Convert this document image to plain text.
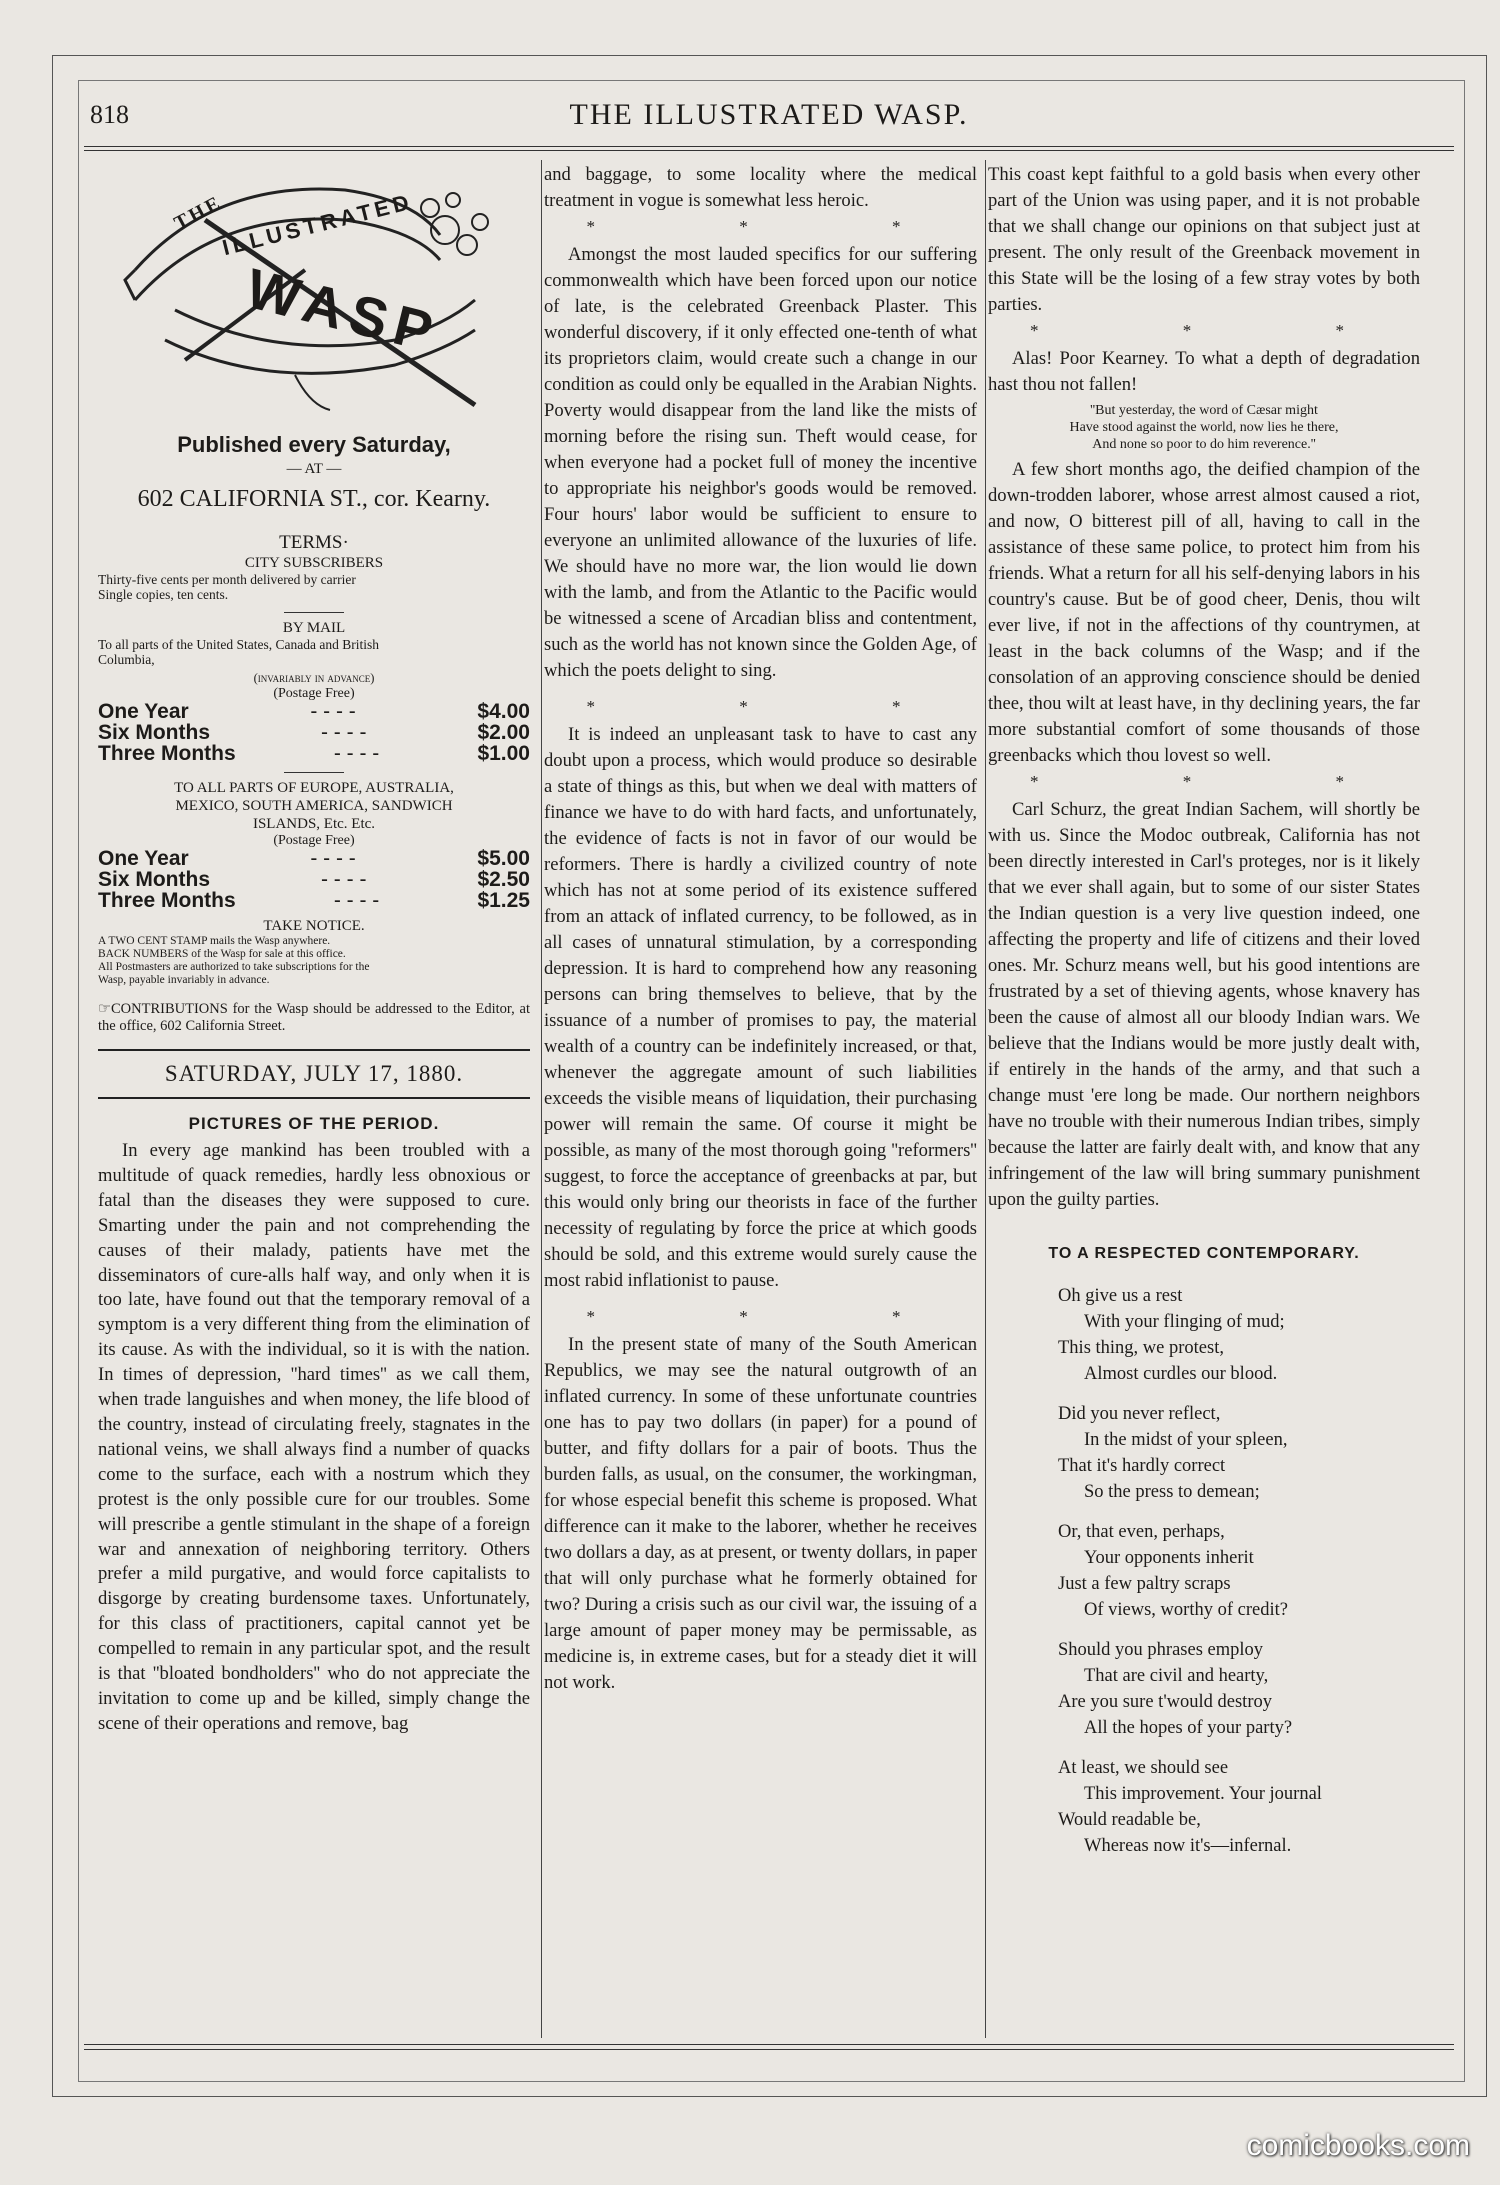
818	THE ILLUSTRATED WASP.
THE
ILLUSTRATED
WASP
Published every Saturday,
— AT —
602 CALIFORNIA ST., cor. Kearny.
TERMS·
CITY SUBSCRIBERS
Thirty-five cents per month delivered by carrier
Single copies, ten cents.
BY MAIL
To all parts of the United States, Canada and British
Columbia,
(invariably in advance)
(Postage Free)
One Year	- - - -	$4.00
Six Months	- - - -	$2.00
Three Months	- - - -	$1.00
TO ALL PARTS OF EUROPE, AUSTRALIA,
MEXICO, SOUTH AMERICA, SANDWICH
ISLANDS, Etc. Etc.
(Postage Free)
One Year	- - - -	$5.00
Six Months	- - - -	$2.50
Three Months	- - - -	$1.25
TAKE NOTICE.
A TWO CENT STAMP mails the Wasp anywhere.
BACK NUMBERS of the Wasp for sale at this office.
All Postmasters are authorized to take subscriptions for the
Wasp, payable invariably in advance.
☞CONTRIBUTIONS for the Wasp should be addressed to the Editor, at the office, 602 California Street.
SATURDAY, JULY 17, 1880.
PICTURES OF THE PERIOD.

In every age mankind has been troubled with a multitude of quack remedies, hardly less obnoxious or fatal than the diseases they were supposed to cure. Smarting under the pain and not comprehending the causes of their malady, patients have met the disseminators of cure-alls half way, and only when it is too late, have found out that the temporary removal of a symptom is a very different thing from the elimination of its cause. As with the individual, so it is with the nation. In times of depression, ''hard times'' as we call them, when trade languishes and when money, the life blood of the country, instead of circulating freely, stagnates in the national veins, we shall always find a number of quacks come to the surface, each with a nostrum which they protest is the only possible cure for our troubles. Some will prescribe a gentle stimulant in the shape of a foreign war and annexation of neighboring territory. Others prefer a mild purgative, and would force capitalists to disgorge by creating burdensome taxes. Unfortunately, for this class of practitioners, capital cannot yet be compelled to remain in any particular spot, and the result is that ''bloated bondholders'' who do not appreciate the invitation to come up and be killed, simply change the scene of their operations and remove, bag

and baggage, to some locality where the medical treatment in vogue is somewhat less heroic.

* * *

Amongst the most lauded specifics for our suffering commonwealth which have been forced upon our notice of late, is the celebrated Greenback Plaster. This wonderful discovery, if it only effected one-tenth of what its proprietors claim, would create such a change in our condition as could only be equalled in the Arabian Nights. Poverty would disappear from the land like the mists of morning before the rising sun. Theft would cease, for when everyone had a pocket full of money the incentive to appropriate his neighbor's goods would be removed. Four hours' labor would be sufficient to ensure to everyone an unlimited allowance of the luxuries of life. We should have no more war, the lion would lie down with the lamb, and from the Atlantic to the Pacific would be witnessed a scene of Arcadian bliss and contentment, such as the world has not known since the Golden Age, of which the poets delight to sing.

* * *

It is indeed an unpleasant task to have to cast any doubt upon a process, which would produce so desirable a state of things as this, but when we deal with matters of finance we have to do with hard facts, and unfortunately, the evidence of facts is not in favor of our would be reformers. There is hardly a civilized country of note which has not at some period of its existence suffered from an attack of inflated currency, to be followed, as in all cases of unnatural stimulation, by a corresponding depression. It is hard to comprehend how any reasoning persons can bring themselves to believe, that by the issuance of a number of promises to pay, the material wealth of a country can be indefinitely increased, or that, whenever the aggregate amount of such liabilities exceeds the visible means of liquidation, their purchasing power will remain the same. Of course it might be possible, as many of the most thorough going ''reformers'' suggest, to force the acceptance of greenbacks at par, but this would only bring our theorists in face of the further necessity of regulating by force the price at which goods should be sold, and this extreme would surely cause the most rabid inflationist to pause.

* * *

In the present state of many of the South American Republics, we may see the natural outgrowth of an inflated currency. In some of these unfortunate countries one has to pay two dollars (in paper) for a pound of butter, and fifty dollars for a pair of boots. Thus the burden falls, as usual, on the consumer, the workingman, for whose especial benefit this scheme is proposed. What difference can it make to the laborer, whether he receives two dollars a day, as at present, or twenty dollars, in paper that will only purchase what he formerly obtained for two? During a crisis such as our civil war, the issuing of a large amount of paper money may be permissable, as medicine is, in extreme cases, but for a steady diet it will not work.

This coast kept faithful to a gold basis when every other part of the Union was using paper, and it is not probable that we shall change our opinions on that subject just at present. The only result of the Greenback movement in this State will be the losing of a few stray votes by both parties.

* * *

Alas! Poor Kearney. To what a depth of degradation hast thou not fallen!

''But yesterday, the word of Cæsar might
Have stood against the world, now lies he there,
And none so poor to do him reverence.''

A few short months ago, the deified champion of the down-trodden laborer, whose arrest almost caused a riot, and now, O bitterest pill of all, having to call in the assistance of these same police, to protect him from his friends. What a return for all his self-denying labors in his country's cause. But be of good cheer, Denis, thou wilt ever live, if not in the affections of thy countrymen, at least in the back columns of the Wasp; and if the consolation of an approving conscience should be denied thee, thou wilt at least have, in thy declining years, the far more substantial comfort of some thousands of those greenbacks which thou lovest so well.

* * *

Carl Schurz, the great Indian Sachem, will shortly be with us. Since the Modoc outbreak, California has not been directly interested in Carl's proteges, nor is it likely that we ever shall again, but to some of our sister States the Indian question is a very live question indeed, one affecting the property and life of citizens and their loved ones. Mr. Schurz means well, but his good intentions are frustrated by a set of thieving agents, whose knavery has been the cause of almost all our bloody Indian wars. We believe that the Indians would be more justly dealt with, if entirely in the hands of the army, and that such a change must 'ere long be made. Our northern neighbors have no trouble with their numerous Indian tribes, simply because the latter are fairly dealt with, and know that any infringement of the law will bring summary punishment upon the guilty parties.

TO A RESPECTED CONTEMPORARY.
Oh give us a rest
With your flinging of mud;
This thing, we protest,
Almost curdles our blood.
Did you never reflect,
In the midst of your spleen,
That it's hardly correct
So the press to demean;
Or, that even, perhaps,
Your opponents inherit
Just a few paltry scraps
Of views, worthy of credit?
Should you phrases employ
That are civil and hearty,
Are you sure t'would destroy
All the hopes of your party?
At least, we should see
This improvement. Your journal
Would readable be,
Whereas now it's—infernal.
comicbooks.com
